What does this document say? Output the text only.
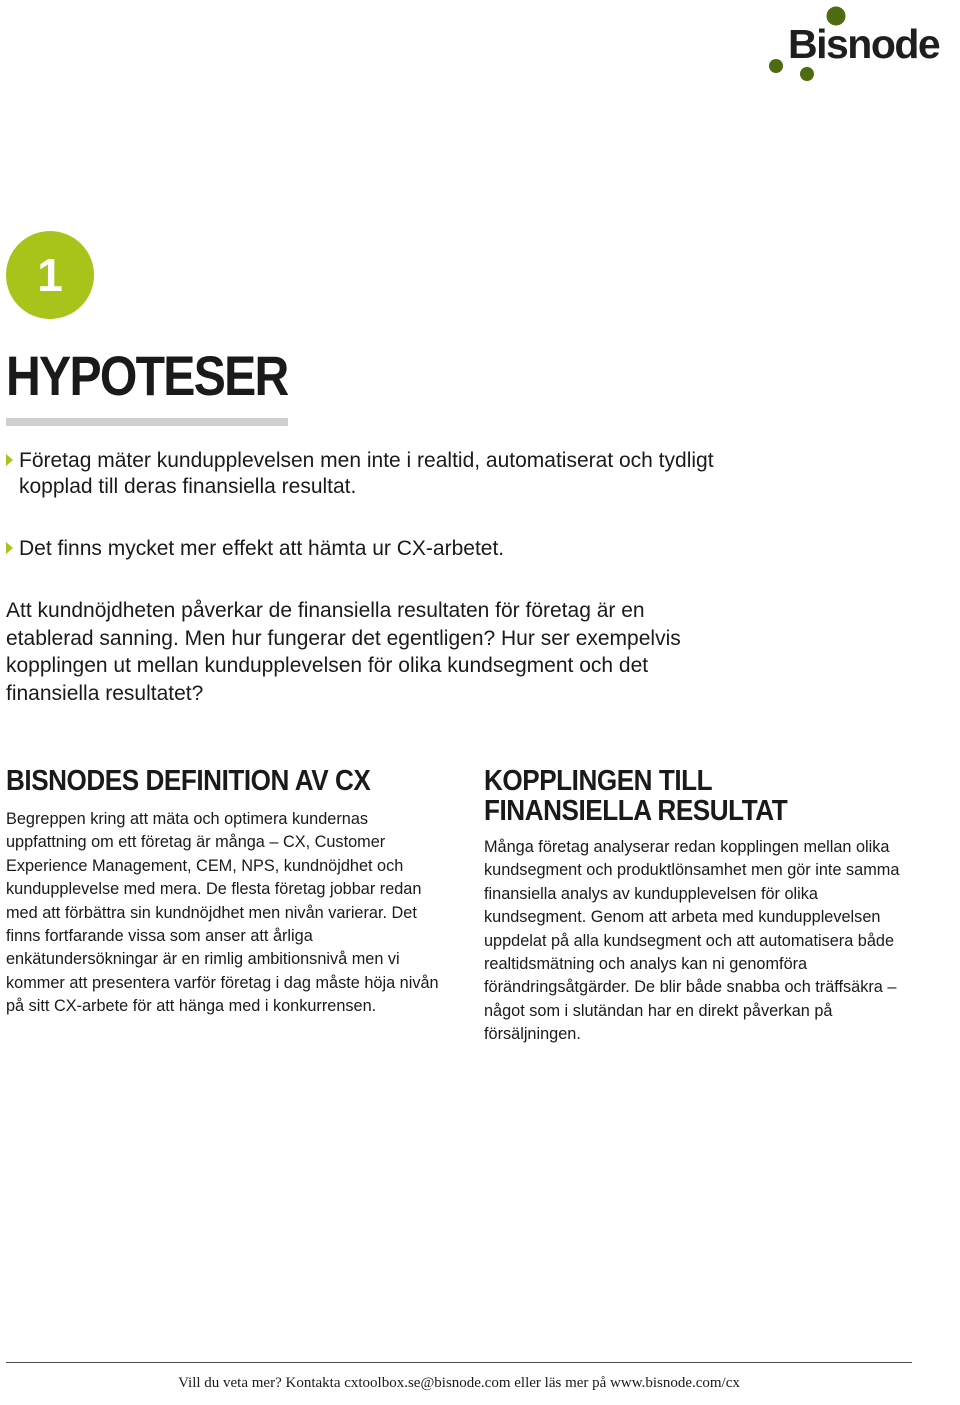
Bisnode
1
HYPOTESER
Företag mäter kundupplevelsen men inte i realtid, automatiserat och tydligt kopplad till deras finansiella resultat.
Det finns mycket mer effekt att hämta ur CX-arbetet.

Att kundnöjdheten påverkar de finansiella resultaten för företag är en etablerad sanning. Men hur fungerar det egentligen? Hur ser exempelvis kopplingen ut mellan kundupplevelsen för olika kundsegment och det finansiella resultatet?

BISNODES DEFINITION AV CX

Begreppen kring att mäta och optimera kundernas uppfattning om ett företag är många – CX, Customer Experience Management, CEM, NPS, kundnöjdhet och kundupplevelse med mera. De flesta företag jobbar redan med att förbättra sin kundnöjdhet men nivån varierar. Det finns fortfarande vissa som anser att årliga enkätundersökningar är en rimlig ambitionsnivå men vi kommer att presentera varför företag i dag måste höja nivån på sitt CX-arbete för att hänga med i konkurrensen.

KOPPLINGEN TILL FINANSIELLA RESULTAT

Många företag analyserar redan kopplingen mellan olika kundsegment och produktlönsamhet men gör inte samma finansiella analys av kundupplevelsen för olika kundsegment. Genom att arbeta med kundupplevelsen uppdelat på alla kundsegment och att automatisera både realtidsmätning och analys kan ni genomföra förändringsåtgärder. De blir både snabba och träffsäkra – något som i slutändan har en direkt påverkan på försäljningen.

Vill du veta mer? Kontakta cxtoolbox.se@bisnode.com eller läs mer på www.bisnode.com/cx
